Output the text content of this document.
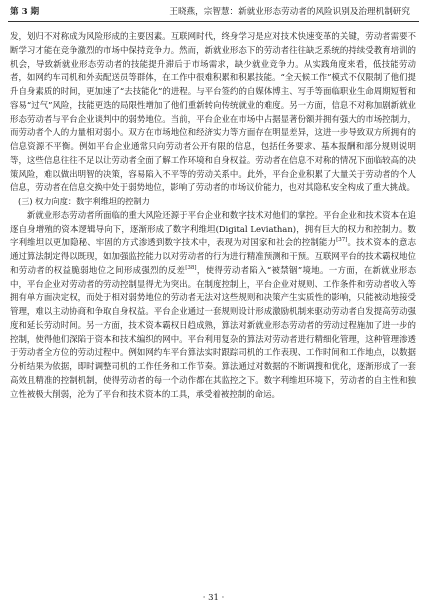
第 3 期	王晓燕，宗智慧：新就业形态劳动者的风险识别及治理机制研究

发，划归不对称成为风险形成的主要因素。互联网时代，终身学习是应对技术快速变革的关键，劳动者需要不断学习才能在竞争激烈的市场中保持竞争力。然而，新就业形态下的劳动者往往缺乏系统的持续受教育培训的机会，导致新就业形态劳动者的技能提升滞后于市场需求，缺少就业竞争力。从实践角度来看，低技能劳动者，如网约车司机和外卖配送员等群体，在工作中很难积累和积累技能。“全天候工作”模式不仅限制了他们提升自身素质的时间，更加速了“去技能化”的进程。与平台签约的自媒体博主、写手等面临职业生命周期短暂和容易“过气”风险，技能更迭的局限性增加了他们重新转向传统就业的难度。另一方面，信息不对称加剧新就业形态劳动者与平台企业谈判中的弱势地位。当前，平台企业在市场中占据显著份额并拥有强大的市场控制力，而劳动者个人的力量相对弱小。双方在市场地位和经济实力等方面存在明显差异，这进一步导致双方所拥有的信息资源不平衡。例如平台企业通常只向劳动者公开有限的信息，包括任务要求、基本报酬和部分规则说明等，这些信息往往不足以让劳动者全面了解工作环境和自身权益。劳动者在信息不对称的情况下面临较高的决策风险，难以做出明智的决策，容易陷入不平等的劳动关系中。此外，平台企业积累了大量关于劳动者的个人信息，劳动者在信息交换中处于弱势地位，影响了劳动者的市场议价能力，也对其隐私安全构成了重大挑战。

(三) 权力向度：数字利维坦的控制力

新就业形态劳动者所面临的重大风险还源于平台企业和数字技术对他们的掌控。平台企业和技术资本在追逐自身增殖的资本逻辑导向下，逐渐形成了数字利维坦(Digital Leviathan)，拥有巨大的权力和控制力。数字利维坦以更加隐秘、牢固的方式渗透到数字技术中，表现为对国家和社会的控制能力[37]。技术资本的意志通过算法制定得以既现，如加强监控能力以对劳动者的行为进行精准预测和干预。互联网平台的技术霸权地位和劳动者的权益脆弱地位之间形成强烈的反差[38]，使得劳动者陷入“被禁锢”境地。一方面，在新就业形态中，平台企业对劳动者的劳动控制显得尤为突出。在制度控制上，平台企业对规则、工作条件和劳动者收入等拥有单方面决定权，而处于相对弱势地位的劳动者无法对这些规则和决策产生实质性的影响，只能被动地接受管理，难以主动协商和争取自身权益。平台企业通过一套规则设计形成激励机制来驱动劳动者自发提高劳动强度和延长劳动时间。另一方面，技术资本霸权日趋成熟，算法对新就业形态劳动者的劳动过程施加了进一步的控制，使得他们深陷于资本和技术编织的网中。平台利用复杂的算法对劳动者进行精细化管理，这种管理渗透于劳动者全方位的劳动过程中。例如网约车平台算法实时跟踪司机的工作表现、工作时间和工作地点，以数据分析结果为依据，即时调整司机的工作任务和工作节奏。算法通过对数据的不断调搜和优化，逐渐形成了一套高效且精准的控制机制，使得劳动者的每一个动作都在其监控之下。数字利维坦环境下，劳动者的自主性和独立性被极大削弱，沦为了平台和技术资本的工具，承受着被控制的命运。

· 31 ·
